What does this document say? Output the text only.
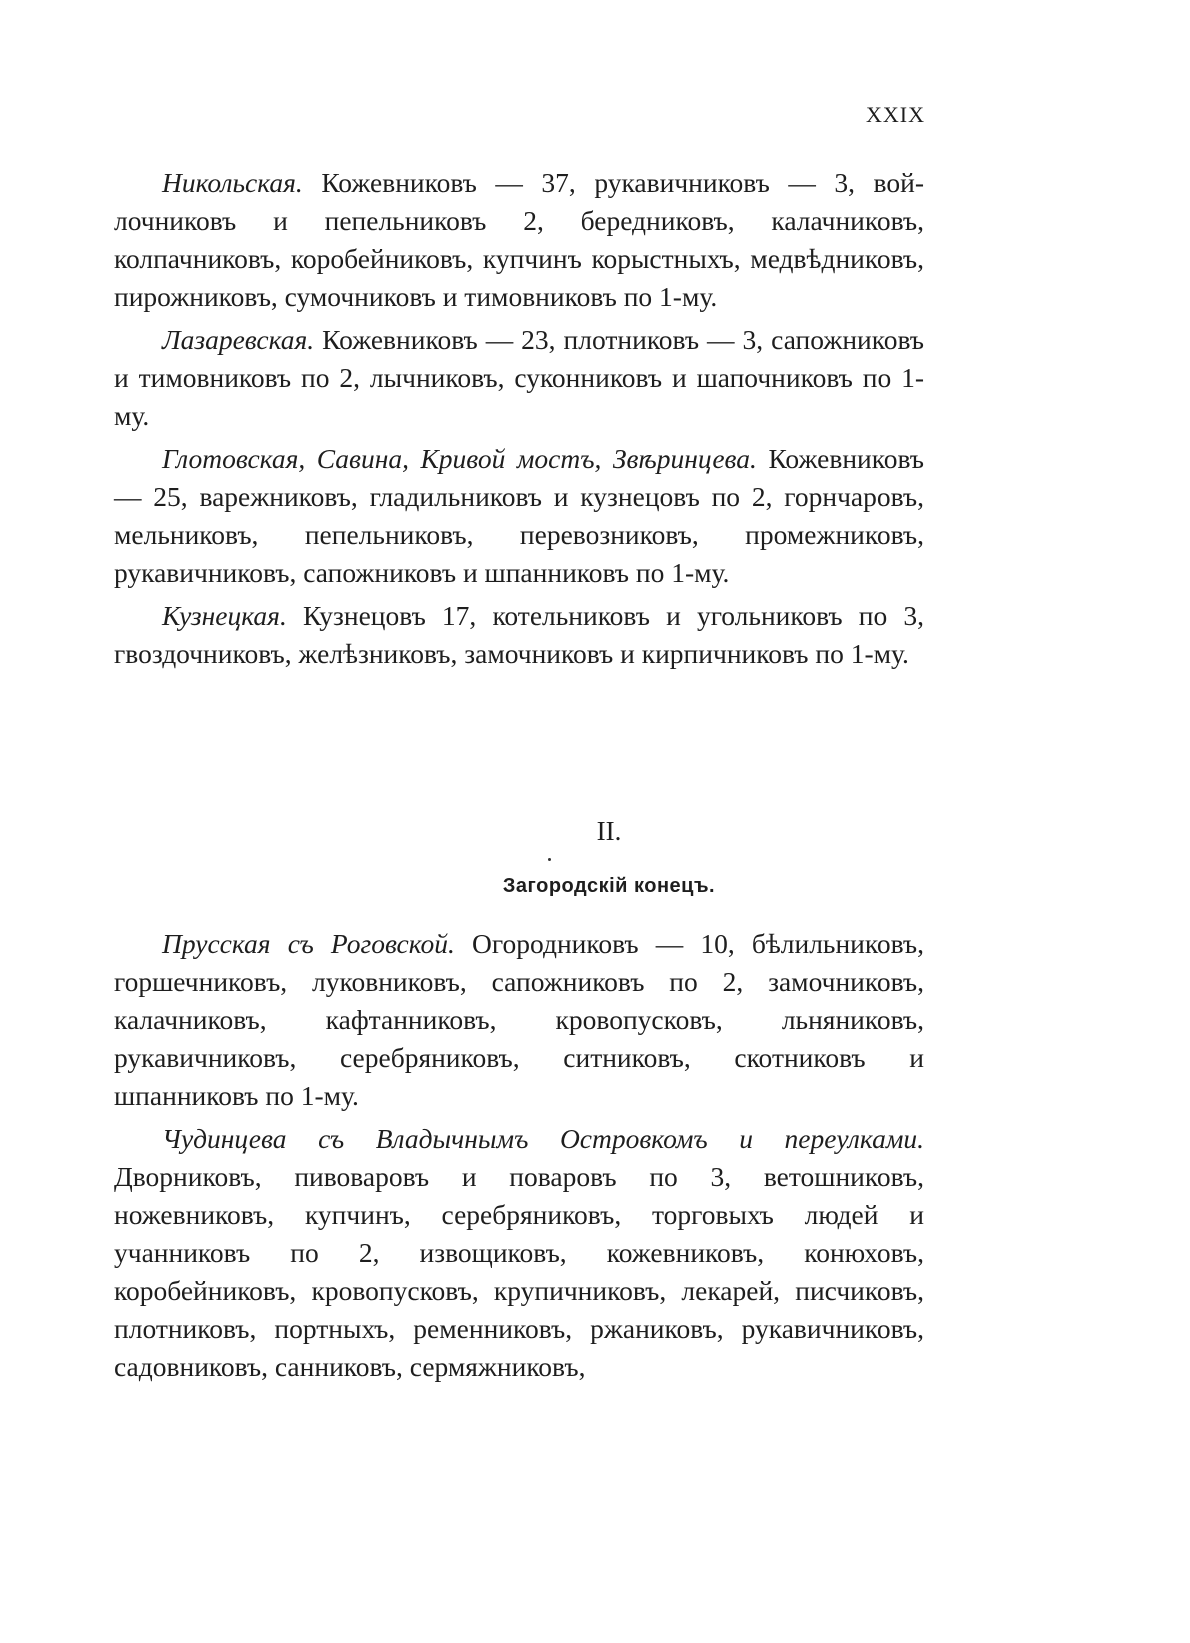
XXIX

Никольская. Кожевниковъ — 37, рукавичниковъ — 3, войлочниковъ и пепельниковъ 2, бередниковъ, калачниковъ, колпачниковъ, коробейниковъ, купчинъ корыстныхъ, медвѣдниковъ, пирожниковъ, сумочниковъ и тимовниковъ по 1-му.

Лазаревская. Кожевниковъ — 23, плотниковъ — 3, сапожниковъ и тимовниковъ по 2, лычниковъ, суконниковъ и шапочниковъ по 1-му.

Глотовская, Савина, Кривой мостъ, Звѣринцева. Кожевниковъ — 25, варежниковъ, гладильниковъ и кузнецовъ по 2, горнчаровъ, мельниковъ, пепельниковъ, перевозниковъ, промежниковъ, рукавичниковъ, сапожниковъ и шпанниковъ по 1-му.

Кузнецкая. Кузнецовъ 17, котельниковъ и угольниковъ по 3, гвоздочниковъ, желѣзниковъ, замочниковъ и кирпичниковъ по 1-му.

II.
Загородскій конецъ.

Прусская съ Роговской. Огородниковъ — 10, бѣлильниковъ, горшечниковъ, луковниковъ, сапожниковъ по 2, замочниковъ, калачниковъ, кафтанниковъ, кровопусковъ, льняниковъ, рукавичниковъ, серебряниковъ, ситниковъ, скотниковъ и шпанниковъ по 1-му.

Чудинцева съ Владычнымъ Островкомъ и переулками. Дворниковъ, пивоваровъ и поваровъ по 3, ветошниковъ, ножевниковъ, купчинъ, серебряниковъ, торговыхъ людей и учанниковъ по 2, извощиковъ, кожевниковъ, конюховъ, коробейниковъ, кровопусковъ, крупичниковъ, лекарей, писчиковъ, плотниковъ, портныхъ, ременниковъ, ржаниковъ, рукавичниковъ, садовниковъ, санниковъ, сермяжниковъ,
